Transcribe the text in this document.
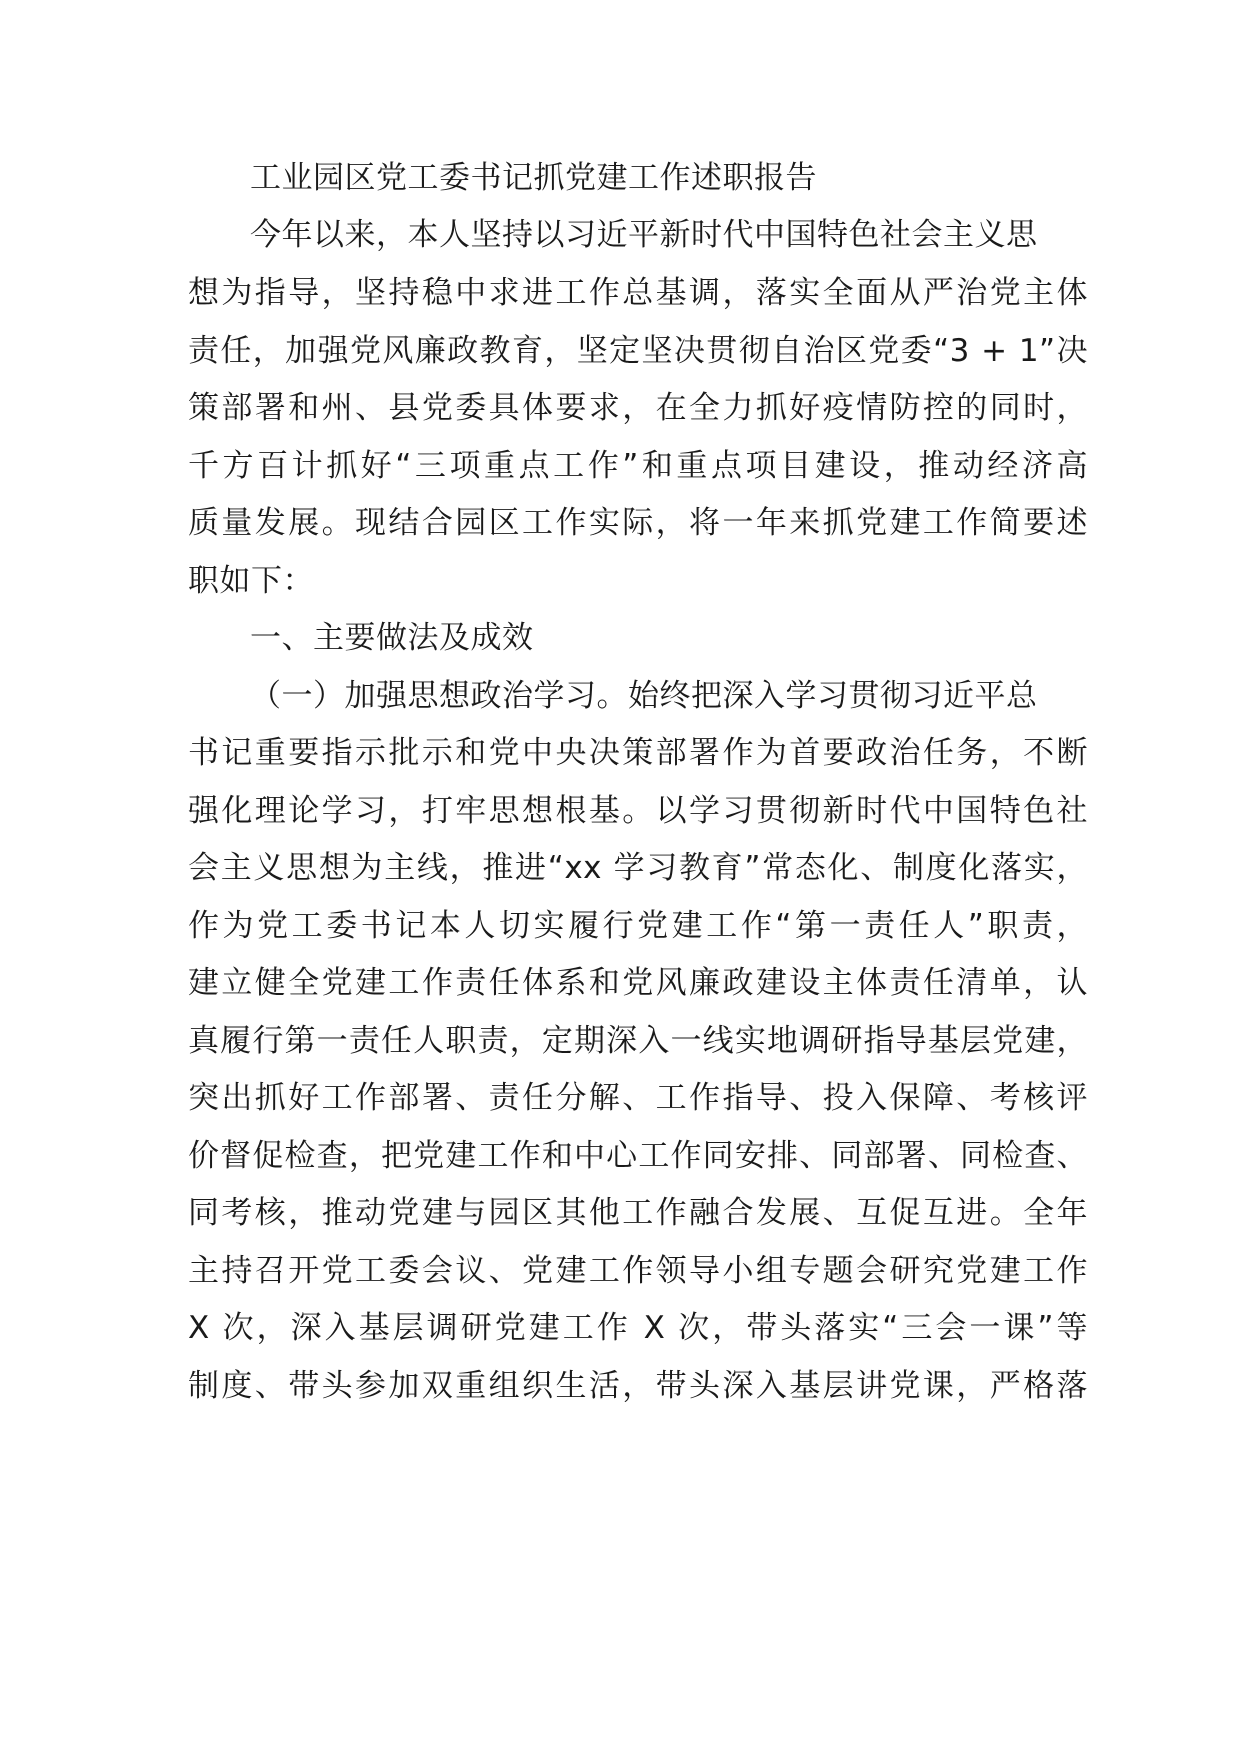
工业园区党工委书记抓党建工作述职报告
今年以来，本人坚持以习近平新时代中国特色社会主义思
想为指导，坚持稳中求进工作总基调，落实全面从严治党主体
责任，加强党风廉政教育，坚定坚决贯彻自治区党委“3 + 1”决
策部署和州、县党委具体要求，在全力抓好疫情防控的同时，
千方百计抓好“三项重点工作”和重点项目建设，推动经济高
质量发展。现结合园区工作实际，将一年来抓党建工作简要述
职如下：
一、主要做法及成效
（一）加强思想政治学习。始终把深入学习贯彻习近平总
书记重要指示批示和党中央决策部署作为首要政治任务，不断
强化理论学习，打牢思想根基。以学习贯彻新时代中国特色社
会主义思想为主线，推进“xx 学习教育”常态化、制度化落实，
作为党工委书记本人切实履行党建工作“第一责任人”职责，
建立健全党建工作责任体系和党风廉政建设主体责任清单，认
真履行第一责任人职责，定期深入一线实地调研指导基层党建，
突出抓好工作部署、责任分解、工作指导、投入保障、考核评
价督促检查，把党建工作和中心工作同安排、同部署、同检查、
同考核，推动党建与园区其他工作融合发展、互促互进。全年
主持召开党工委会议、党建工作领导小组专题会研究党建工作
X 次，深入基层调研党建工作 X 次，带头落实“三会一课”等
制度、带头参加双重组织生活，带头深入基层讲党课，严格落
